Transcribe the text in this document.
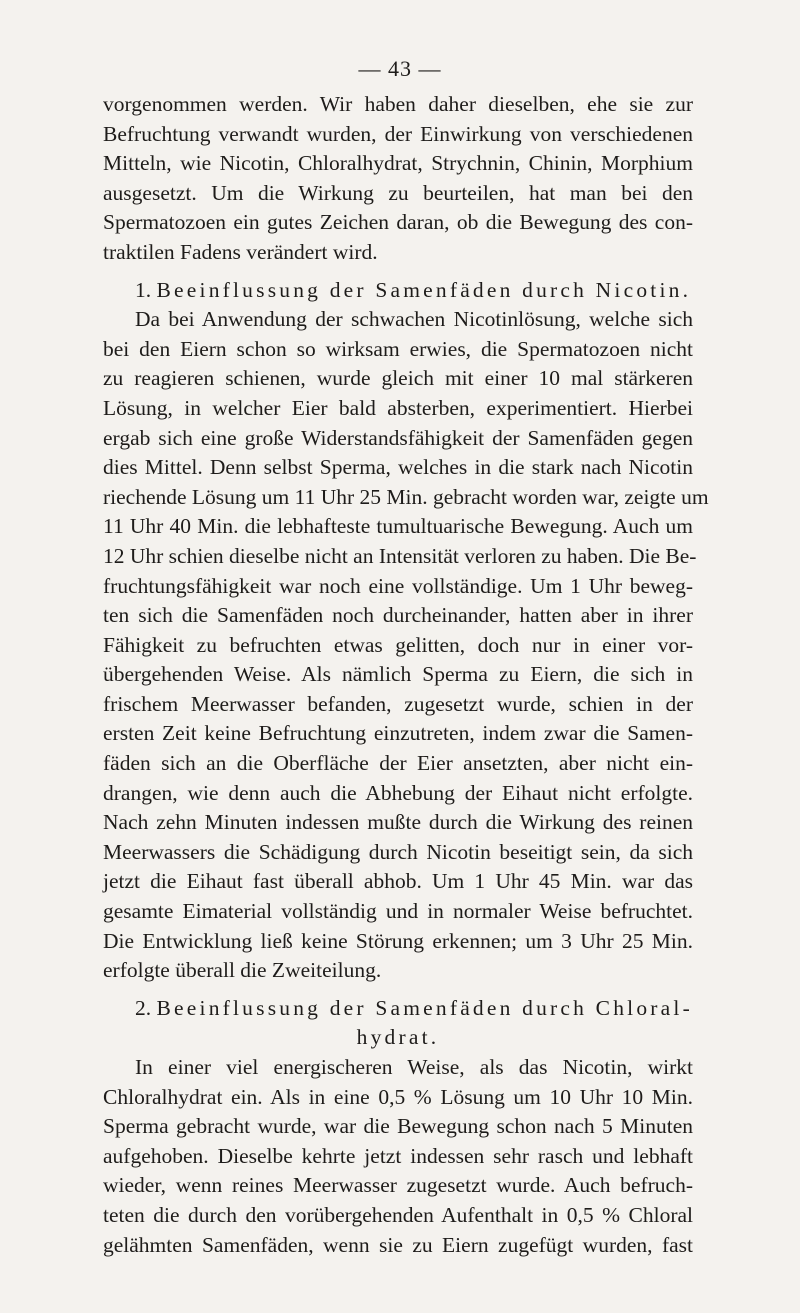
— 43 —
vorgenommen werden. Wir haben daher dieselben, ehe sie zur
Befruchtung verwandt wurden, der Einwirkung von verschiedenen
Mitteln, wie Nicotin, Chloralhydrat, Strychnin, Chinin, Morphium
ausgesetzt. Um die Wirkung zu beurteilen, hat man bei den
Spermatozoen ein gutes Zeichen daran, ob die Bewegung des con-
traktilen Fadens verändert wird.
1. Beeinflussung der Samenfäden durch Nicotin.
Da bei Anwendung der schwachen Nicotinlösung, welche sich
bei den Eiern schon so wirksam erwies, die Spermatozoen nicht
zu reagieren schienen, wurde gleich mit einer 10 mal stärkeren
Lösung, in welcher Eier bald absterben, experimentiert. Hierbei
ergab sich eine große Widerstandsfähigkeit der Samenfäden gegen
dies Mittel. Denn selbst Sperma, welches in die stark nach Nicotin
riechende Lösung um 11 Uhr 25 Min. gebracht worden war, zeigte um
11 Uhr 40 Min. die lebhafteste tumultuarische Bewegung. Auch um
12 Uhr schien dieselbe nicht an Intensität verloren zu haben. Die Be-
fruchtungsfähigkeit war noch eine vollständige. Um 1 Uhr beweg-
ten sich die Samenfäden noch durcheinander, hatten aber in ihrer
Fähigkeit zu befruchten etwas gelitten, doch nur in einer vor-
übergehenden Weise. Als nämlich Sperma zu Eiern, die sich in
frischem Meerwasser befanden, zugesetzt wurde, schien in der
ersten Zeit keine Befruchtung einzutreten, indem zwar die Samen-
fäden sich an die Oberfläche der Eier ansetzten, aber nicht ein-
drangen, wie denn auch die Abhebung der Eihaut nicht erfolgte.
Nach zehn Minuten indessen mußte durch die Wirkung des reinen
Meerwassers die Schädigung durch Nicotin beseitigt sein, da sich
jetzt die Eihaut fast überall abhob. Um 1 Uhr 45 Min. war das
gesamte Eimaterial vollständig und in normaler Weise befruchtet.
Die Entwicklung ließ keine Störung erkennen; um 3 Uhr 25 Min.
erfolgte überall die Zweiteilung.
2. Beeinflussung der Samenfäden durch Chloral-
hydrat.
In einer viel energischeren Weise, als das Nicotin, wirkt
Chloralhydrat ein. Als in eine 0,5 % Lösung um 10 Uhr 10 Min.
Sperma gebracht wurde, war die Bewegung schon nach 5 Minuten
aufgehoben. Dieselbe kehrte jetzt indessen sehr rasch und lebhaft
wieder, wenn reines Meerwasser zugesetzt wurde. Auch befruch-
teten die durch den vorübergehenden Aufenthalt in 0,5 % Chloral
gelähmten Samenfäden, wenn sie zu Eiern zugefügt wurden, fast
